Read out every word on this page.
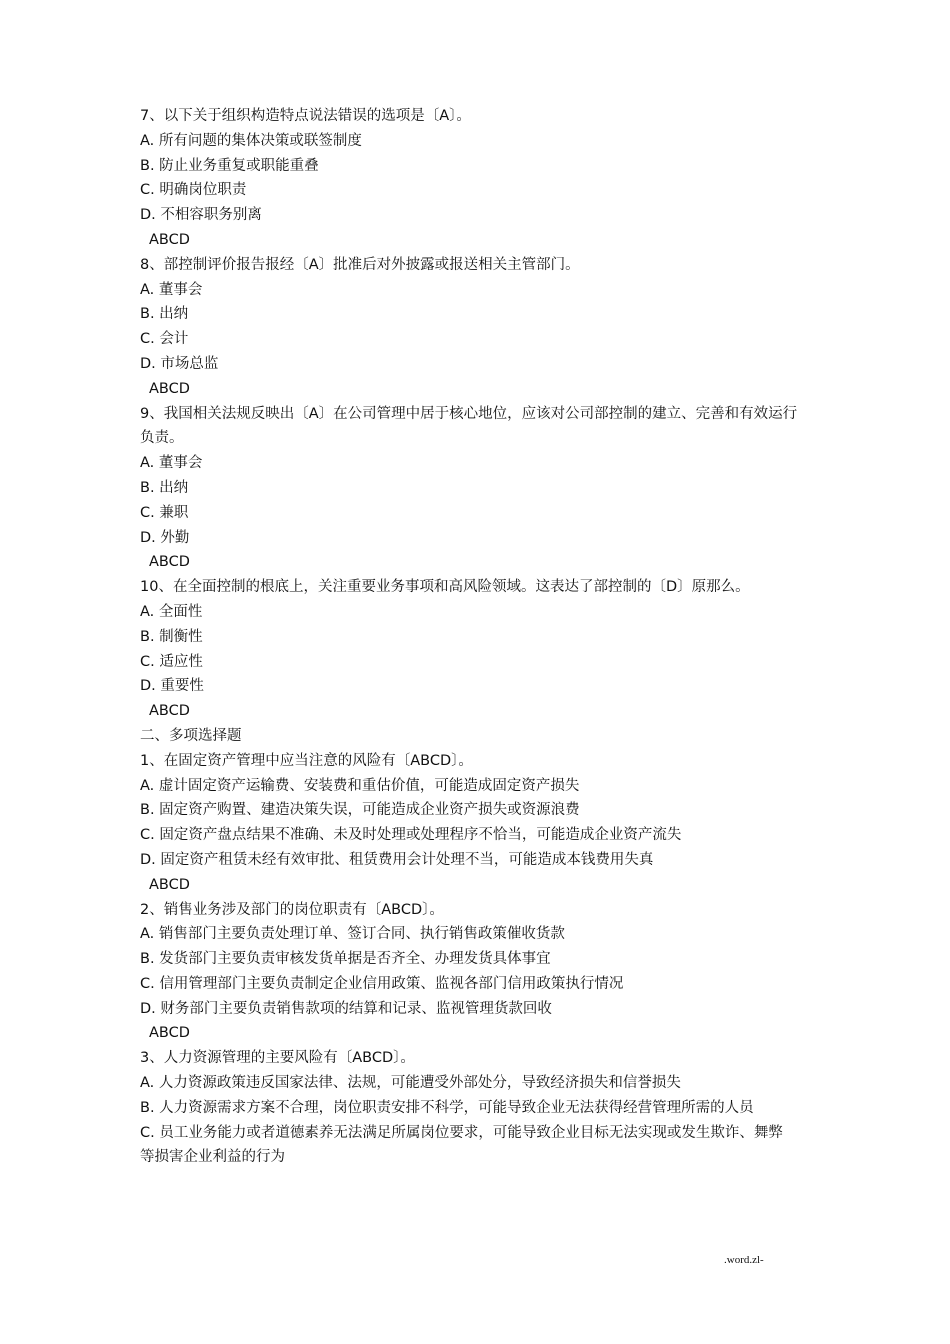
7、以下关于组织构造特点说法错误的选项是〔A〕。
A. 所有问题的集体决策或联签制度
B. 防止业务重复或职能重叠
C. 明确岗位职责
D. 不相容职务别离
ABCD
8、部控制评价报告报经〔A〕批准后对外披露或报送相关主管部门。
A. 董事会
B. 出纳
C. 会计
D. 市场总监
ABCD
9、我国相关法规反映出〔A〕在公司管理中居于核心地位，应该对公司部控制的建立、完善和有效运行
负责。
A. 董事会
B. 出纳
C. 兼职
D. 外勤
ABCD
10、在全面控制的根底上，关注重要业务事项和高风险领域。这表达了部控制的〔D〕原那么。
A. 全面性
B. 制衡性
C. 适应性
D. 重要性
ABCD
二、多项选择题
1、在固定资产管理中应当注意的风险有〔ABCD〕。
A. 虚计固定资产运输费、安装费和重估价值，可能造成固定资产损失
B. 固定资产购置、建造决策失误，可能造成企业资产损失或资源浪费
C. 固定资产盘点结果不准确、未及时处理或处理程序不恰当，可能造成企业资产流失
D. 固定资产租赁未经有效审批、租赁费用会计处理不当，可能造成本钱费用失真
ABCD
2、销售业务涉及部门的岗位职责有〔ABCD〕。
A. 销售部门主要负责处理订单、签订合同、执行销售政策催收货款
B. 发货部门主要负责审核发货单据是否齐全、办理发货具体事宜
C. 信用管理部门主要负责制定企业信用政策、监视各部门信用政策执行情况
D. 财务部门主要负责销售款项的结算和记录、监视管理货款回收
ABCD
3、人力资源管理的主要风险有〔ABCD〕。
A. 人力资源政策违反国家法律、法规，可能遭受外部处分，导致经济损失和信誉损失
B. 人力资源需求方案不合理，岗位职责安排不科学，可能导致企业无法获得经营管理所需的人员
C. 员工业务能力或者道德素养无法满足所属岗位要求，可能导致企业目标无法实现或发生欺诈、舞弊
等损害企业利益的行为
.word.zl-
